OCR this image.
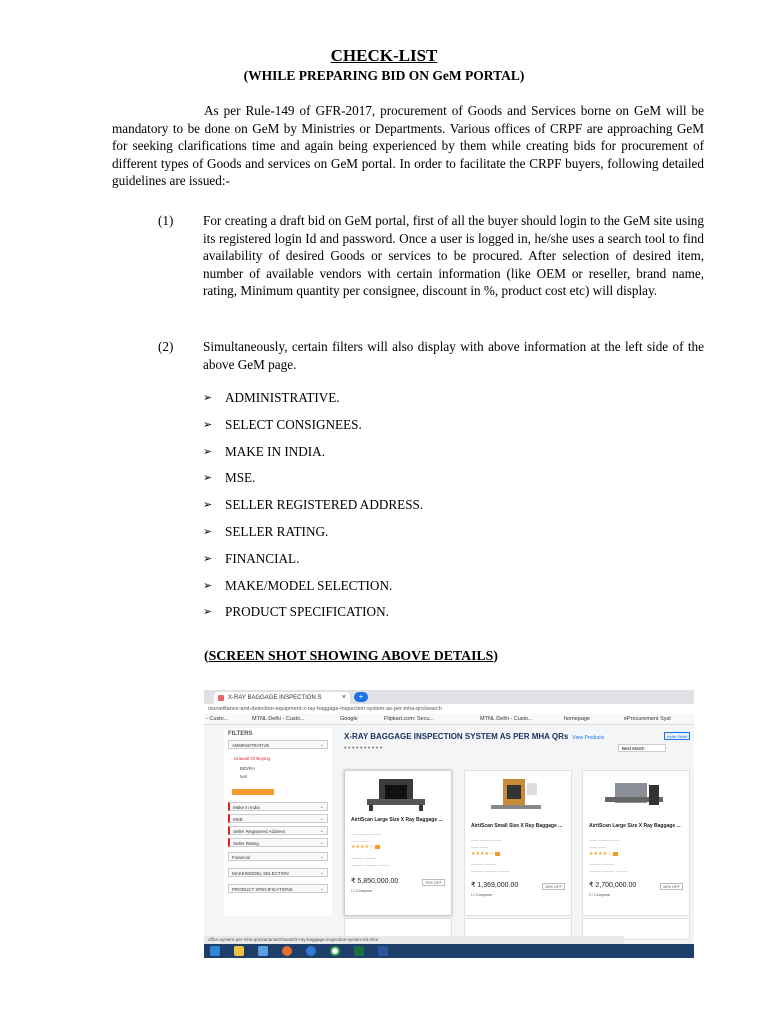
CHECK-LIST
(WHILE PREPARING BID ON GeM PORTAL)
As per Rule-149 of GFR-2017, procurement of Goods and Services borne on GeM will be mandatory to be done on GeM by Ministries or Departments. Various offices of CRPF are approaching GeM for seeking clarifications time and again being experienced by them while creating bids for procurement of different types of Goods and services on GeM portal. In order to facilitate the CRPF buyers, following detailed guidelines are issued:-
(1) For creating a draft bid on GeM portal, first of all the buyer should login to the GeM site using its registered login Id and password. Once a user is logged in, he/she uses a search tool to find availability of desired Goods or services to be procured. After selection of desired item, number of available vendors with certain information (like OEM or reseller, brand name, rating, Minimum quantity per consignee, discount in %, product cost etc) will display.
(2) Simultaneously, certain filters will also display with above information at the left side of the above GeM page.
➢ ADMINISTRATIVE.
➢ SELECT CONSIGNEES.
➢ MAKE IN INDIA.
➢ MSE.
➢ SELLER REGISTERED ADDRESS.
➢ SELLER RATING.
➢ FINANCIAL.
➢ MAKE/MODEL SELECTION.
➢ PRODUCT SPECIFICATION.
(SCREEN SHOT SHOWING ABOVE DETAILS)
X-RAY BAGGAGE INSPECTION S	×	+
/surveillance-and-detection-equipment-x-ray-baggage-inspection-system-as-per-mha-qrs/search
- Custo...	MTNL Delhi - Custo...	Google	Flipkart.com: Secu...	MTNL Delhi - Custo...	homepage	eProcurement Syst
FILTERS
ADMINISTRATIVE	⌄
Unavail Of Buying
BID/RA
Ivel
Make in India	⌄
MSE	⌄
Seller Registered Address	⌄
Seller Rating	⌄
Financial	⌄
MAKE/MODEL SELECTION	⌄
PRODUCT SPECIFICATIONS	⌄
X-RAY BAGGAGE INSPECTION SYSTEM AS PER MHA QRs View Products	Invite Seller
● ● ● ● ● ● ● ● ● ●	Best Match
AirtiScan Large Size X Ray Baggage ...
—— ——— ——
—— ——
★★★★☆
——— ———
——— ——— ———
₹ 5,850,000.00	70% OFF
☐ Compare
AirtiScan Small Size X Ray Baggage ...
—— ——— ——
—— ——
★★★★☆
——— ———
——— ——— ———
₹ 1,369,000.00	18% OFF
☐ Compare
AirtiScan Large Size X Ray Baggage ...
—— ——— ——
—— ——
★★★★☆
——— ———
——— ——— ———
₹ 2,700,000.00	18% OFF
☐ Compare
office.system-per-mha-qrs/varianta/mhaset/X-ray-baggage-inspection-system-kit-mha
